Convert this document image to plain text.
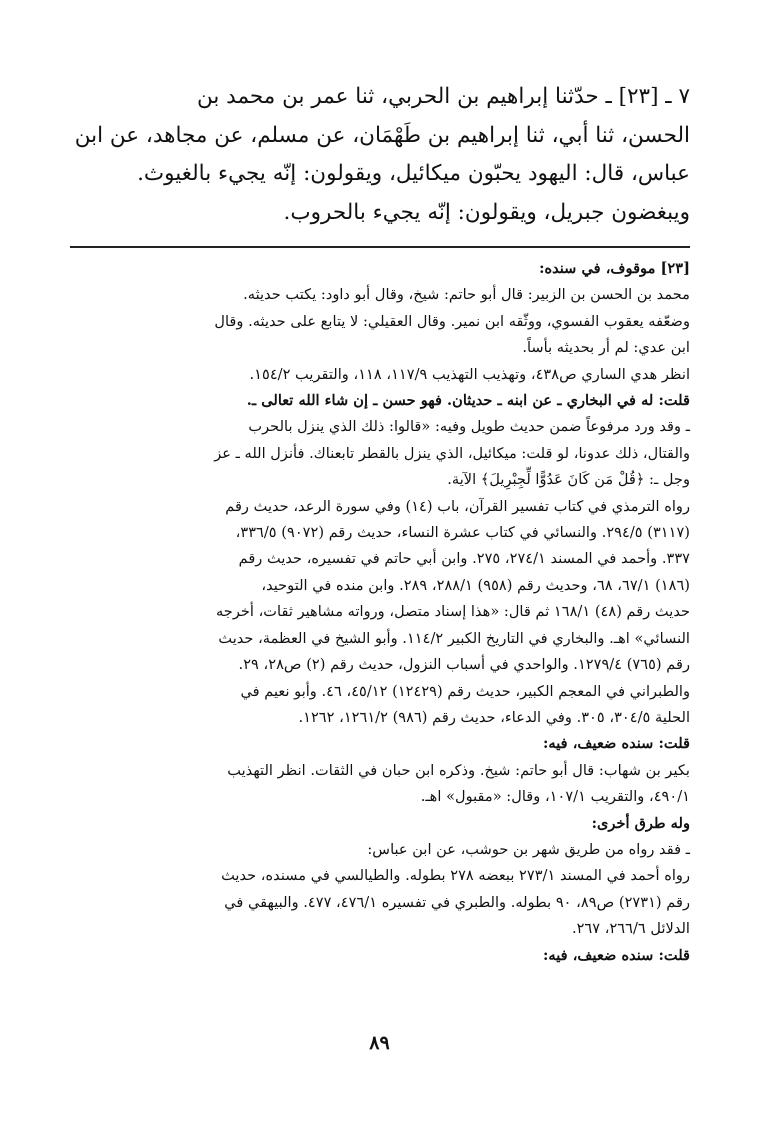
٧ ـ [٢٣] ـ حدّثنا إبراهيم بن الحربي، ثنا عمر بن محمد بن

الحسن، ثنا أبي، ثنا إبراهيم بن طَهْمَان، عن مسلم، عن مجاهد، عن ابن

عباس، قال: اليهود يحبّون ميكائيل، ويقولون: إنّه يجيء بالغيوث.

ويبغضون جبريل، ويقولون: إنّه يجيء بالحروب.

[٢٣] موقوف، في سنده:

محمد بن الحسن بن الزبير: قال أبو حاتم: شيخ، وقال أبو داود: يكتب حديثه.

وضعّفه يعقوب الفسوي، ووثّقه ابن نمير. وقال العقيلي: لا يتابع على حديثه. وقال

ابن عدي: لم أر بحديثه بأساً.

انظر هدي الساري ص٤٣٨، وتهذيب التهذيب ١١٧/٩، ١١٨، والتقريب ١٥٤/٢.

قلت: له في البخاري ـ عن ابنه ـ حديثان. فهو حسن ـ إن شاء الله تعالى ـ.

ـ وقد ورد مرفوعاً ضمن حديث طويل وفيه: «قالوا: ذلك الذي ينزل بالحرب

والقتال، ذلك عدونا، لو قلت: ميكائيل، الذي ينزل بالقطر تابعناك. فأنزل الله ـ عز

وجل ـ: ﴿قُلْ مَن كَانَ عَدُوًّا لِّجِبْرِيلَ﴾ الآية.

رواه الترمذي في كتاب تفسير القرآن، باب (١٤) وفي سورة الرعد، حديث رقم

(٣١١٧) ٢٩٤/٥. والنسائي في كتاب عشرة النساء، حديث رقم (٩٠٧٢) ٣٣٦/٥،

٣٣٧. وأحمد في المسند ٢٧٤/١، ٢٧٥. وابن أبي حاتم في تفسيره، حديث رقم

(١٨٦) ٦٧/١، ٦٨، وحديث رقم (٩٥٨) ٢٨٨/١، ٢٨٩. وابن منده في التوحيد،

حديث رقم (٤٨) ١٦٨/١ ثم قال: «هذا إسناد متصل، ورواته مشاهير ثقات، أخرجه

النسائي» اهـ. والبخاري في التاريخ الكبير ١١٤/٢. وأبو الشيخ في العظمة، حديث

رقم (٧٦٥) ١٢٧٩/٤. والواحدي في أسباب النزول، حديث رقم (٢) ص٢٨، ٢٩.

والطبراني في المعجم الكبير، حديث رقم (١٢٤٢٩) ٤٥/١٢، ٤٦. وأبو نعيم في

الحلية ٣٠٤/٥، ٣٠٥. وفي الدعاء، حديث رقم (٩٨٦) ١٢٦١/٢، ١٢٦٢.

قلت: سنده ضعيف، فيه:

بكير بن شهاب: قال أبو حاتم: شيخ. وذكره ابن حبان في الثقات. انظر التهذيب

٤٩٠/١، والتقريب ١٠٧/١، وقال: «مقبول» اهـ.

وله طرق أخرى:

ـ فقد رواه من طريق شهر بن حوشب، عن ابن عباس:

رواه أحمد في المسند ٢٧٣/١ ببعضه ٢٧٨ بطوله. والطيالسي في مسنده، حديث

رقم (٢٧٣١) ص٨٩، ٩٠ بطوله. والطبري في تفسيره ٤٧٦/١، ٤٧٧. والبيهقي في

الدلائل ٢٦٦/٦، ٢٦٧.

قلت: سنده ضعيف، فيه:

٨٩
